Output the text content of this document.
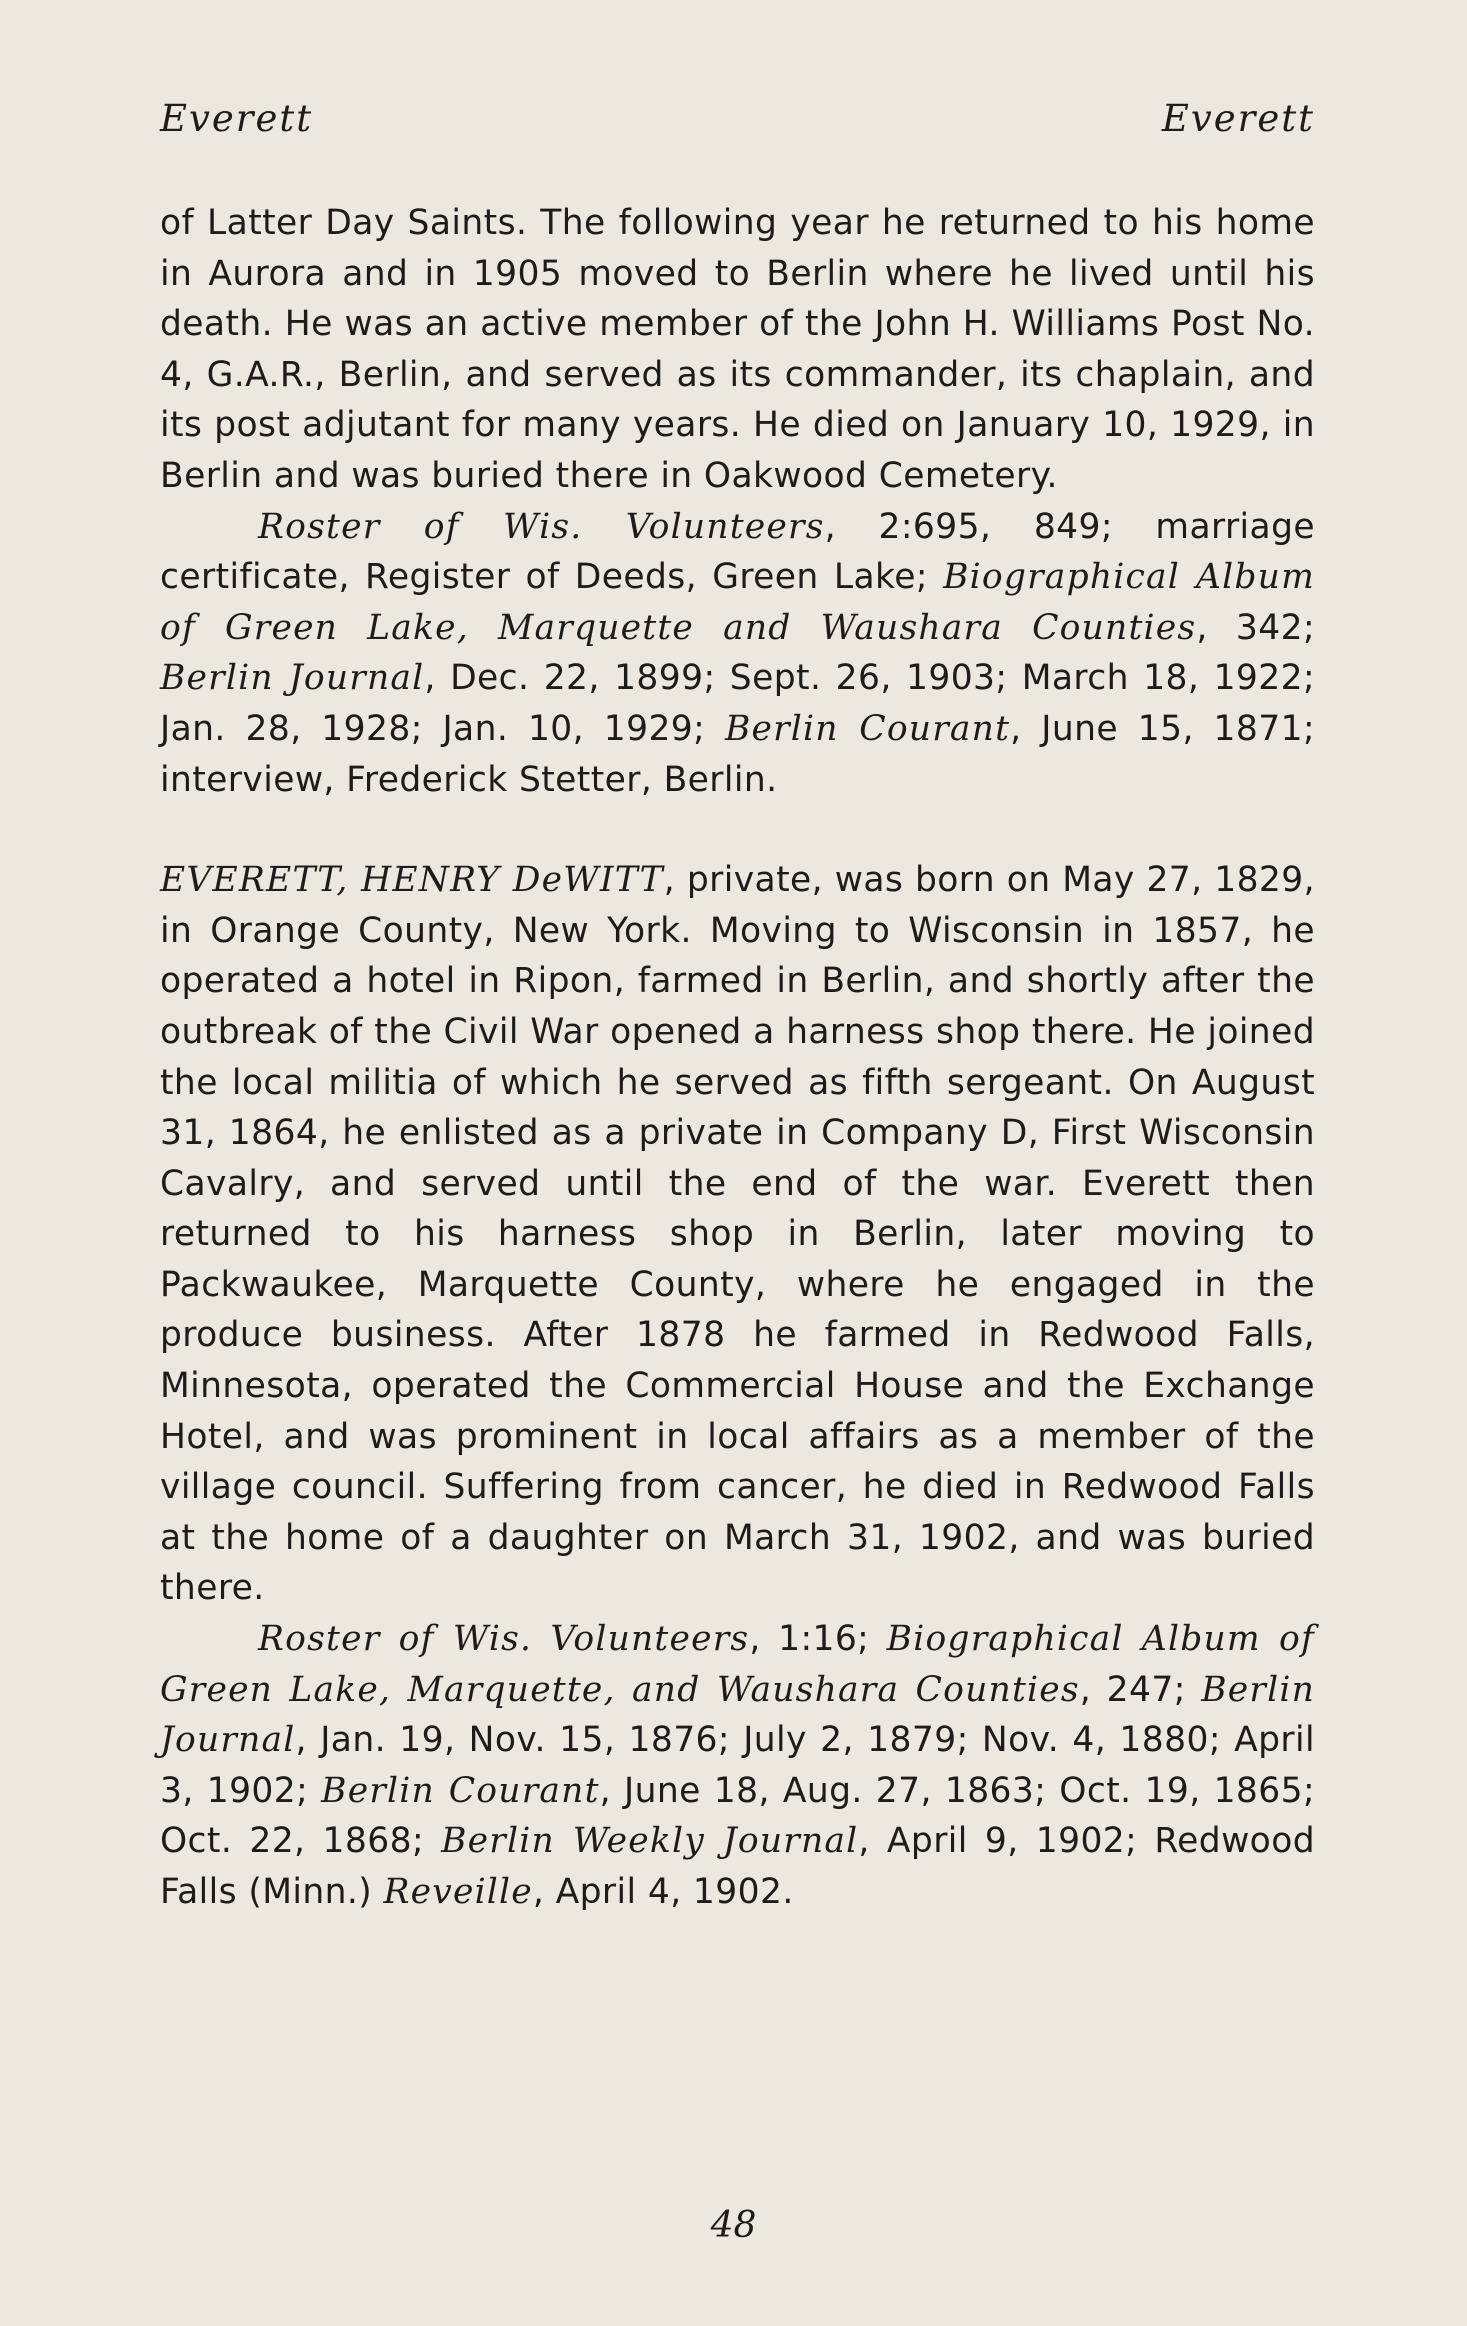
Everett	Everett

of Latter Day Saints. The following year he returned to his home in Aurora and in 1905 moved to Berlin where he lived until his death. He was an active member of the John H. Williams Post No. 4, G.A.R., Berlin, and served as its commander, its chaplain, and its post adjutant for many years. He died on January 10, 1929, in Berlin and was buried there in Oakwood Cemetery.

Roster of Wis. Volunteers, 2:695, 849; marriage certificate, Register of Deeds, Green Lake; Biographical Album of Green Lake, Marquette and Waushara Counties, 342; Berlin Journal, Dec. 22, 1899; Sept. 26, 1903; March 18, 1922; Jan. 28, 1928; Jan. 10, 1929; Berlin Courant, June 15, 1871; interview, Frederick Stetter, Berlin.

EVERETT, HENRY DeWITT, private, was born on May 27, 1829, in Orange County, New York. Moving to Wisconsin in 1857, he operated a hotel in Ripon, farmed in Berlin, and shortly after the outbreak of the Civil War opened a harness shop there. He joined the local militia of which he served as fifth sergeant. On August 31, 1864, he enlisted as a private in Company D, First Wisconsin Cavalry, and served until the end of the war. Everett then returned to his harness shop in Berlin, later moving to Packwaukee, Marquette County, where he engaged in the produce business. After 1878 he farmed in Redwood Falls, Minnesota, operated the Commercial House and the Exchange Hotel, and was prominent in local affairs as a member of the village council. Suffering from cancer, he died in Redwood Falls at the home of a daughter on March 31, 1902, and was buried there.

Roster of Wis. Volunteers, 1:16; Biographical Album of Green Lake, Marquette, and Waushara Counties, 247; Berlin Journal, Jan. 19, Nov. 15, 1876; July 2, 1879; Nov. 4, 1880; April 3, 1902; Berlin Courant, June 18, Aug. 27, 1863; Oct. 19, 1865; Oct. 22, 1868; Berlin Weekly Journal, April 9, 1902; Redwood Falls (Minn.) Reveille, April 4, 1902.

48
